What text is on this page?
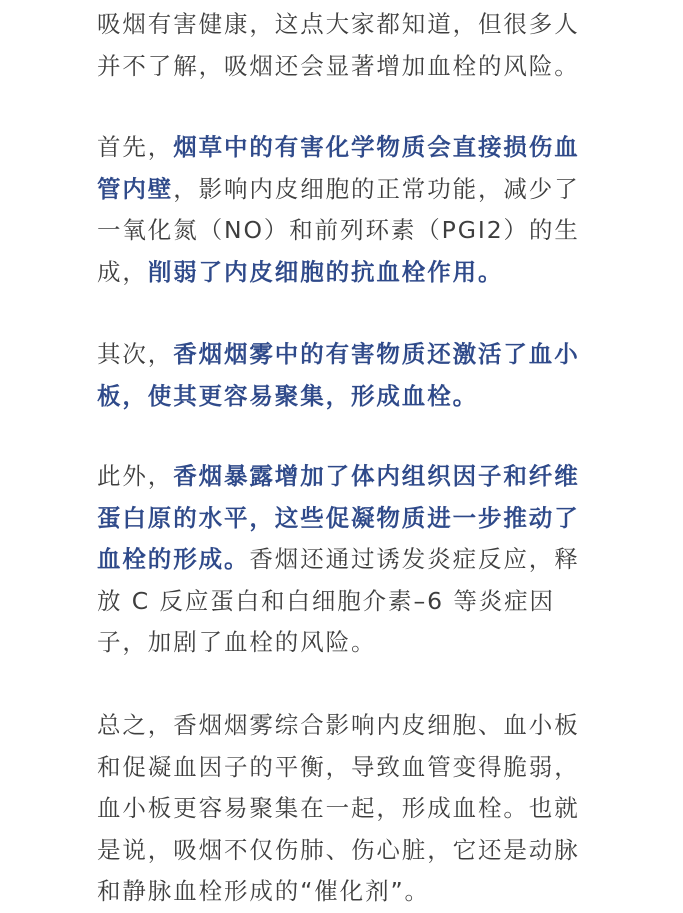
吸烟有害健康，这点大家都知道，但很多人
并不了解，吸烟还会显著增加血栓的风险。

首先，烟草中的有害化学物质会直接损伤血
管内壁，影响内皮细胞的正常功能，减少了
一氧化氮（NO）和前列环素（PGI2）的生
成，削弱了内皮细胞的抗血栓作用。

其次，香烟烟雾中的有害物质还激活了血小
板，使其更容易聚集，形成血栓。

此外，香烟暴露增加了体内组织因子和纤维
蛋白原的水平，这些促凝物质进一步推动了
血栓的形成。香烟还通过诱发炎症反应，释
放 C 反应蛋白和白细胞介素–6 等炎症因
子，加剧了血栓的风险。

总之，香烟烟雾综合影响内皮细胞、血小板
和促凝血因子的平衡，导致血管变得脆弱，
血小板更容易聚集在一起，形成血栓。也就
是说，吸烟不仅伤肺、伤心脏，它还是动脉
和静脉血栓形成的“催化剂”。
